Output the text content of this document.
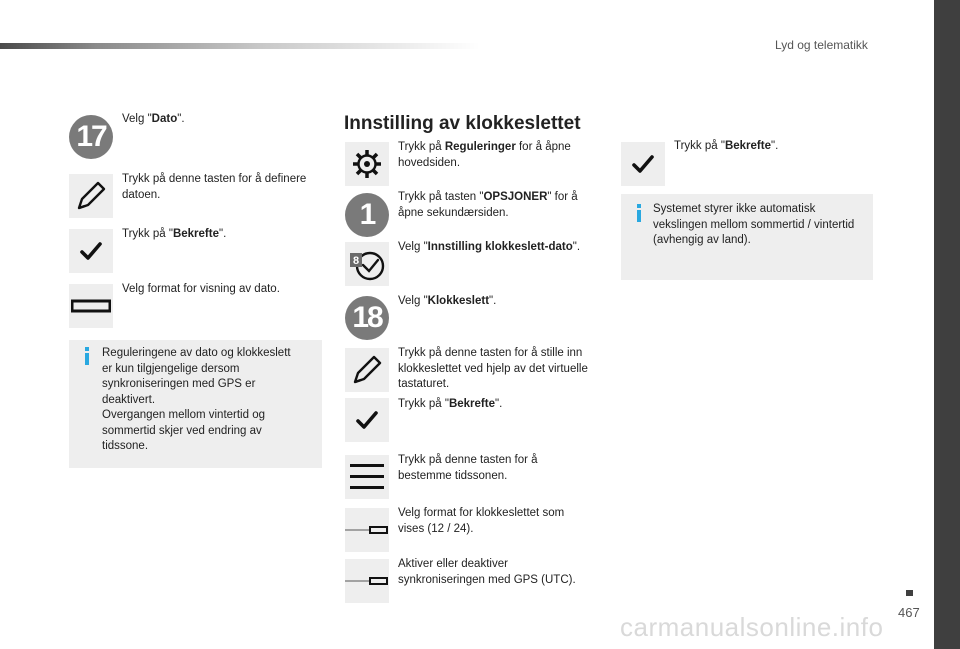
Lyd og telematikk
467
17
Velg "Dato".
Trykk på denne tasten for å definere datoen.
Trykk på "Bekrefte".
Velg format for visning av dato.
Reguleringene av dato og klokkeslett
er kun tilgjengelige dersom
synkroniseringen med GPS er
deaktivert.
Overgangen mellom vintertid og
sommertid skjer ved endring av
tidssone.
Innstilling av klokkeslettet
Trykk på Reguleringer for å åpne hovedsiden.
1
Trykk på tasten "OPSJONER" for å åpne sekundærsiden.
8
Velg "Innstilling klokkeslett-dato".
18	Velg "Klokkeslett".
Trykk på denne tasten for å stille inn klokkeslettet ved hjelp av det virtuelle tastaturet.
Trykk på "Bekrefte".
Trykk på denne tasten for å bestemme tidssonen.
Velg format for klokkeslettet som vises (12 / 24).
Aktiver eller deaktiver synkroniseringen med GPS (UTC).
Trykk på "Bekrefte".
Systemet styrer ikke automatisk
vekslingen mellom sommertid / vintertid
(avhengig av land).
carmanualsonline.info
